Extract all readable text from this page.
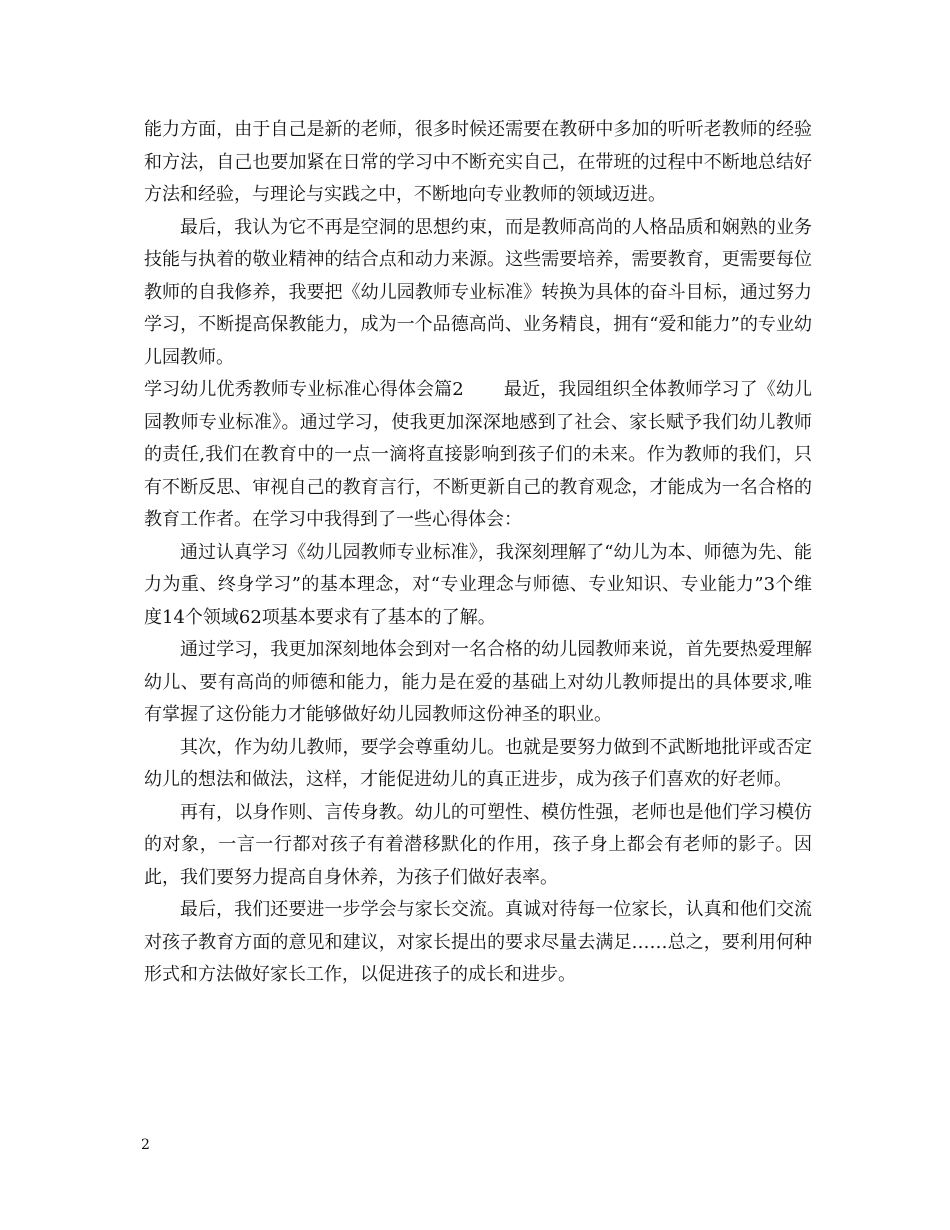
能力方面，由于自己是新的老师，很多时候还需要在教研中多加的听听老教师的经验和方法，自己也要加紧在日常的学习中不断充实自己，在带班的过程中不断地总结好方法和经验，与理论与实践之中，不断地向专业教师的领域迈进。

最后，我认为它不再是空洞的思想约束，而是教师高尚的人格品质和娴熟的业务技能与执着的敬业精神的结合点和动力来源。这些需要培养，需要教育，更需要每位教师的自我修养，我要把《幼儿园教师专业标准》转换为具体的奋斗目标，通过努力学习，不断提高保教能力，成为一个品德高尚、业务精良，拥有“爱和能力”的专业幼儿园教师。

学习幼儿优秀教师专业标准心得体会篇2 最近，我园组织全体教师学习了《幼儿园教师专业标准》。通过学习，使我更加深深地感到了社会、家长赋予我们幼儿教师的责任,我们在教育中的一点一滴将直接影响到孩子们的未来。作为教师的我们，只有不断反思、审视自己的教育言行，不断更新自己的教育观念，才能成为一名合格的教育工作者。在学习中我得到了一些心得体会：

通过认真学习《幼儿园教师专业标准》，我深刻理解了“幼儿为本、师德为先、能力为重、终身学习”的基本理念，对“专业理念与师德、专业知识、专业能力”3个维度14个领域62项基本要求有了基本的了解。

通过学习，我更加深刻地体会到对一名合格的幼儿园教师来说，首先要热爱理解幼儿、要有高尚的师德和能力，能力是在爱的基础上对幼儿教师提出的具体要求,唯有掌握了这份能力才能够做好幼儿园教师这份神圣的职业。

其次，作为幼儿教师，要学会尊重幼儿。也就是要努力做到不武断地批评或否定幼儿的想法和做法，这样，才能促进幼儿的真正进步，成为孩子们喜欢的好老师。

再有，以身作则、言传身教。幼儿的可塑性、模仿性强，老师也是他们学习模仿的对象，一言一行都对孩子有着潜移默化的作用，孩子身上都会有老师的影子。因此，我们要努力提高自身休养，为孩子们做好表率。

最后，我们还要进一步学会与家长交流。真诚对待每一位家长，认真和他们交流对孩子教育方面的意见和建议，对家长提出的要求尽量去满足……总之，要利用何种形式和方法做好家长工作，以促进孩子的成长和进步。

2
